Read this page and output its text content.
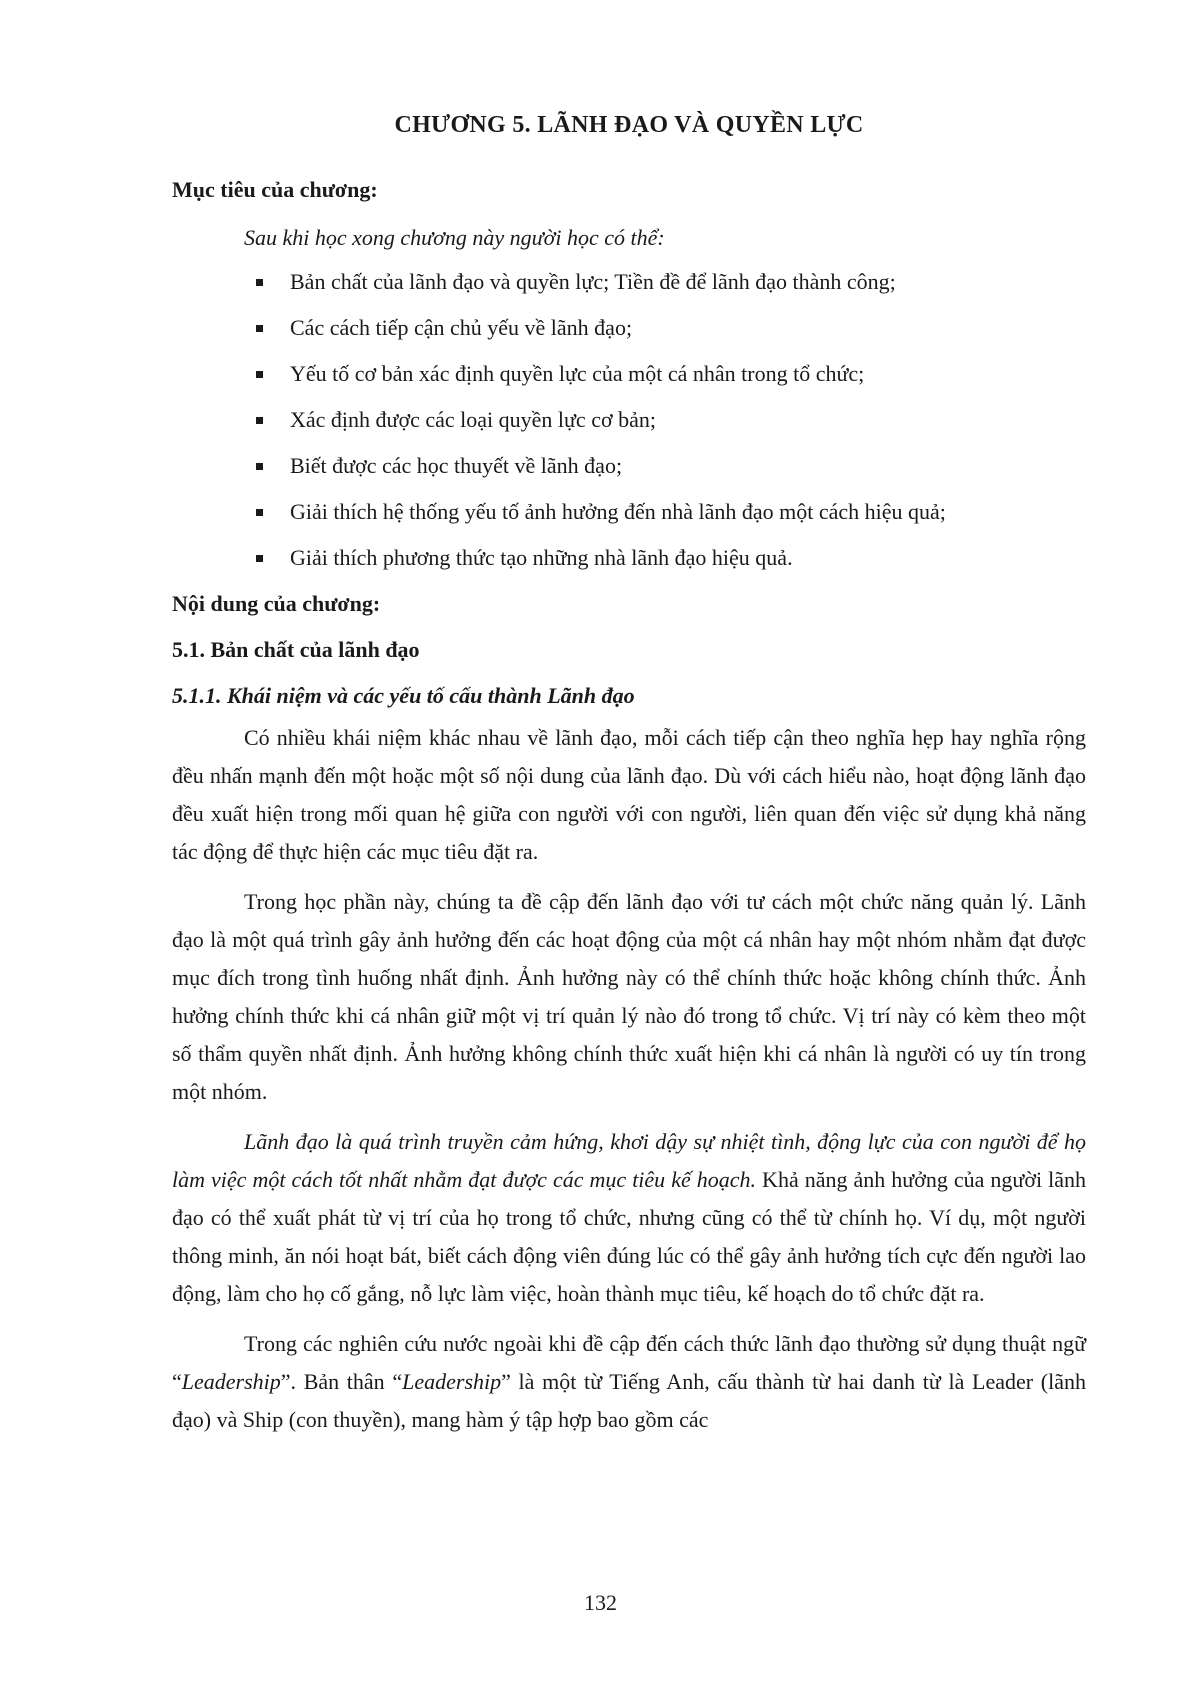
CHƯƠNG 5. LÃNH ĐẠO VÀ QUYỀN LỰC

Mục tiêu của chương:

Sau khi học xong chương này người học có thể:

Bản chất của lãnh đạo và quyền lực; Tiền đề để lãnh đạo thành công;
Các cách tiếp cận chủ yếu về lãnh đạo;
Yếu tố cơ bản xác định quyền lực của một cá nhân trong tổ chức;
Xác định được các loại quyền lực cơ bản;
Biết được các học thuyết về lãnh đạo;
Giải thích hệ thống yếu tố ảnh hưởng đến nhà lãnh đạo một cách hiệu quả;
Giải thích phương thức tạo những nhà lãnh đạo hiệu quả.

Nội dung của chương:

5.1. Bản chất của lãnh đạo

5.1.1. Khái niệm và các yếu tố cấu thành Lãnh đạo

Có nhiều khái niệm khác nhau về lãnh đạo, mỗi cách tiếp cận theo nghĩa hẹp hay nghĩa rộng đều nhấn mạnh đến một hoặc một số nội dung của lãnh đạo. Dù với cách hiểu nào, hoạt động lãnh đạo đều xuất hiện trong mối quan hệ giữa con người với con người, liên quan đến việc sử dụng khả năng tác động để thực hiện các mục tiêu đặt ra.

Trong học phần này, chúng ta đề cập đến lãnh đạo với tư cách một chức năng quản lý. Lãnh đạo là một quá trình gây ảnh hưởng đến các hoạt động của một cá nhân hay một nhóm nhằm đạt được mục đích trong tình huống nhất định. Ảnh hưởng này có thể chính thức hoặc không chính thức. Ảnh hưởng chính thức khi cá nhân giữ một vị trí quản lý nào đó trong tổ chức. Vị trí này có kèm theo một số thẩm quyền nhất định. Ảnh hưởng không chính thức xuất hiện khi cá nhân là người có uy tín trong một nhóm.

Lãnh đạo là quá trình truyền cảm hứng, khơi dậy sự nhiệt tình, động lực của con người để họ làm việc một cách tốt nhất nhằm đạt được các mục tiêu kế hoạch. Khả năng ảnh hưởng của người lãnh đạo có thể xuất phát từ vị trí của họ trong tổ chức, nhưng cũng có thể từ chính họ. Ví dụ, một người thông minh, ăn nói hoạt bát, biết cách động viên đúng lúc có thể gây ảnh hưởng tích cực đến người lao động, làm cho họ cố gắng, nỗ lực làm việc, hoàn thành mục tiêu, kế hoạch do tổ chức đặt ra.

Trong các nghiên cứu nước ngoài khi đề cập đến cách thức lãnh đạo thường sử dụng thuật ngữ “Leadership”. Bản thân “Leadership” là một từ Tiếng Anh, cấu thành từ hai danh từ là Leader (lãnh đạo) và Ship (con thuyền), mang hàm ý tập hợp bao gồm các

132
